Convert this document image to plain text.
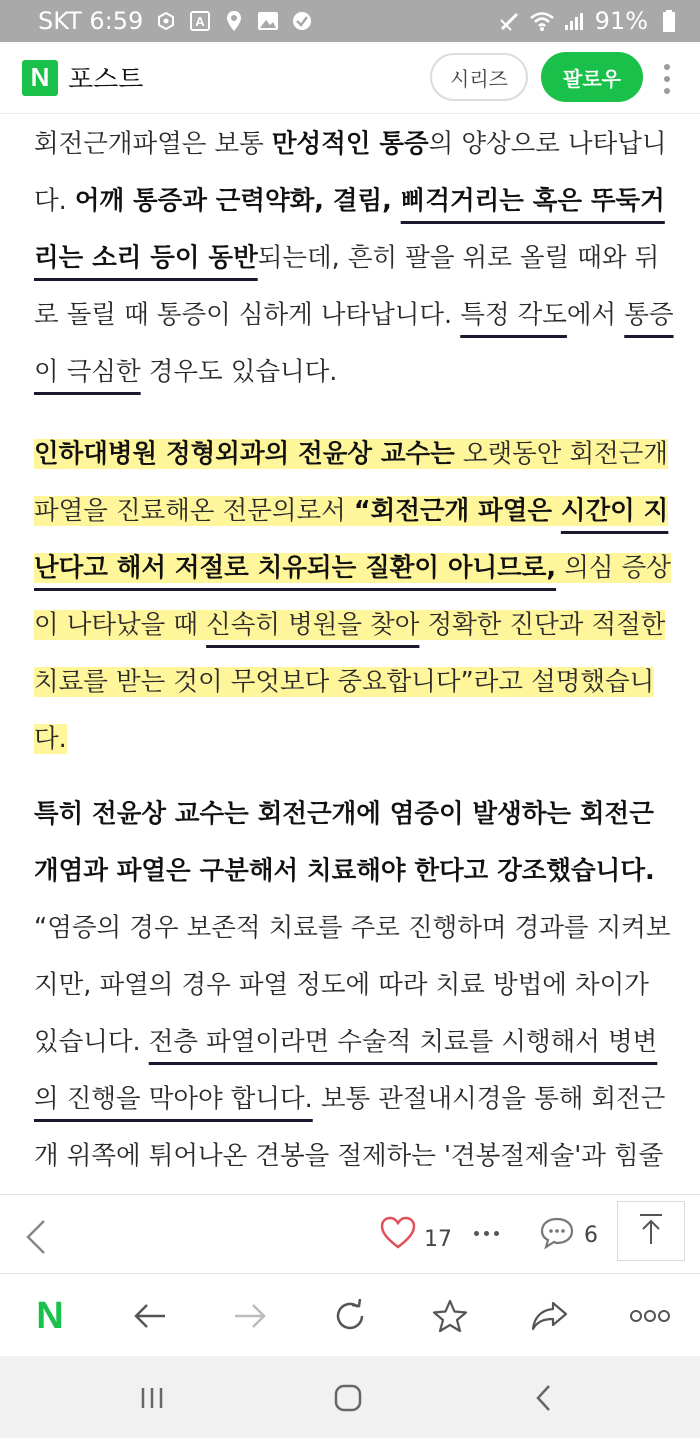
SKT 6:59	A	91%
N 포스트	시리즈	팔로우

회전근개파열은 보통 만성적인 통증의 양상으로 나타납니다. 어깨 통증과 근력약화, 결림, 삐걱거리는 혹은 뚜둑거리는 소리 등이 동반되는데, 흔히 팔을 위로 올릴 때와 뒤로 돌릴 때 통증이 심하게 나타납니다. 특정 각도에서 통증이 극심한 경우도 있습니다.

인하대병원 정형외과의 전윤상 교수는 오랫동안 회전근개파열을 진료해온 전문의로서 “회전근개 파열은 시간이 지난다고 해서 저절로 치유되는 질환이 아니므로, 의심 증상이 나타났을 때 신속히 병원을 찾아 정확한 진단과 적절한 치료를 받는 것이 무엇보다 중요합니다”라고 설명했습니다.

특히 전윤상 교수는 회전근개에 염증이 발생하는 회전근개염과 파열은 구분해서 치료해야 한다고 강조했습니다. “염증의 경우 보존적 치료를 주로 진행하며 경과를 지켜보지만, 파열의 경우 파열 정도에 따라 치료 방법에 차이가 있습니다. 전층 파열이라면 수술적 치료를 시행해서 병변의 진행을 막아야 합니다. 보통 관절내시경을 통해 회전근개 위쪽에 튀어나온 견봉을 절제하는 '견봉절제술'과 힘줄

17	6
N
